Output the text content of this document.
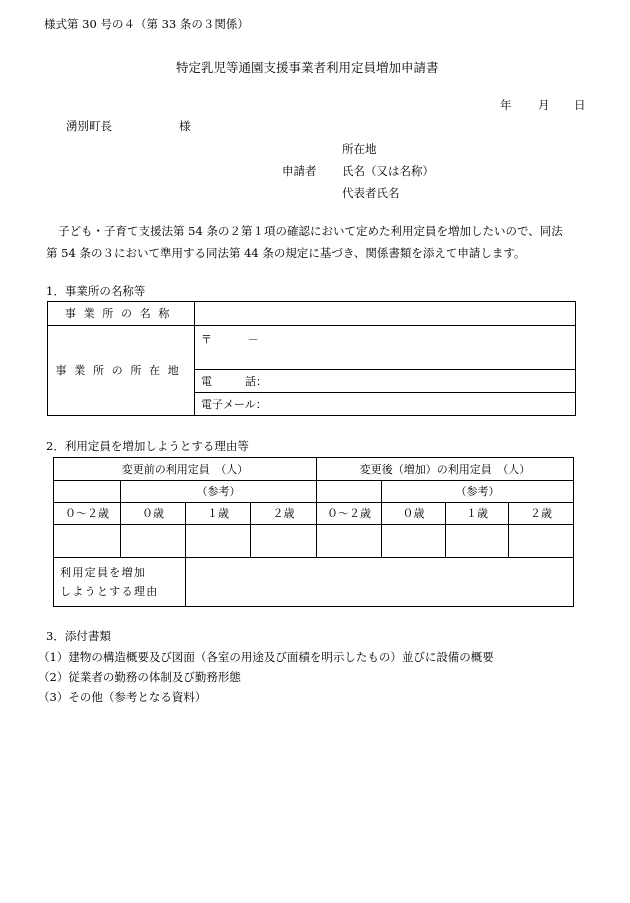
様式第 30 号の４（第 33 条の３関係）
特定乳児等通園支援事業者利用定員増加申請書
年 月 日
湧別町長	様
所在地
申請者 氏名（又は名称）
代表者氏名
子ども・子育て支援法第 54 条の２第１項の確認において定めた利用定員を増加したいので、同法
第 54 条の３において準用する同法第 44 条の規定に基づき、関係書類を添えて申請します。
1．事業所の名称等
事業所の名称	
事業所の所在地	〒 －
	電　　　話：
	電子メール：
2．利用定員を増加しようとする理由等
変更前の利用定員　（人）				変更後（増加）の利用定員　（人）			
	（参考）				（参考）		

０～２歳	０歳	１歳	２歳	０～２歳	０歳	１歳	２歳

利用定員を増加
しようとする理由							
3．添付書類
（1）建物の構造概要及び図面（各室の用途及び面積を明示したもの）並びに設備の概要
（2）従業者の勤務の体制及び勤務形態
（3）その他（参考となる資料）
